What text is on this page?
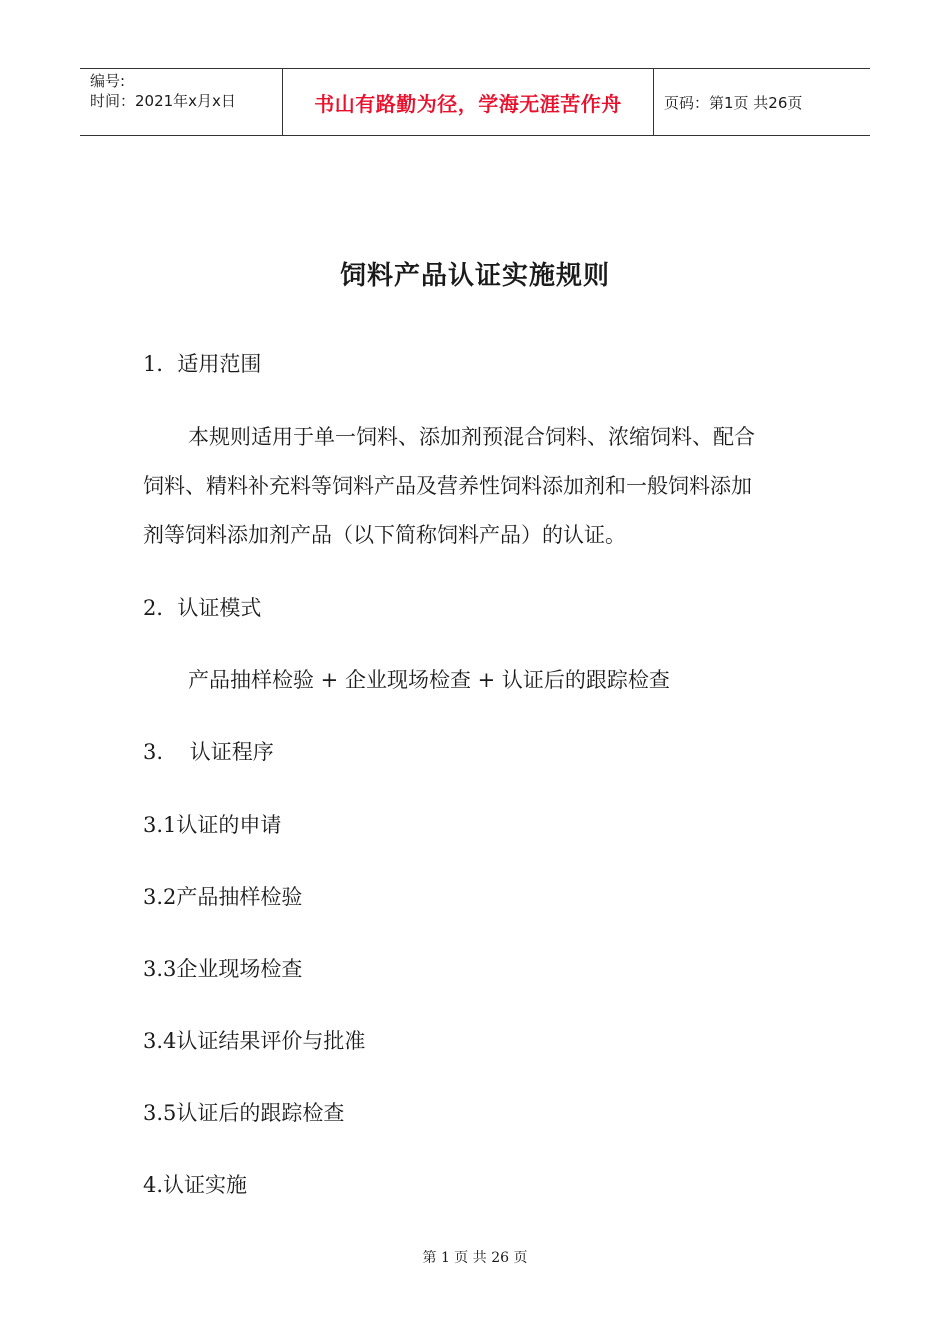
编号:
时间：2021年x月x日	书山有路勤为径，学海无涯苦作舟	页码：第1页 共26页
饲料产品认证实施规则
1．适用范围
本规则适用于单一饲料、添加剂预混合饲料、浓缩饲料、配合
饲料、精料补充料等饲料产品及营养性饲料添加剂和一般饲料添加
剂等饲料添加剂产品（以下简称饲料产品）的认证。
2．认证模式
产品抽样检验 + 企业现场检查 + 认证后的跟踪检查
3.    认证程序
3.1认证的申请
3.2产品抽样检验
3.3企业现场检查
3.4认证结果评价与批准
3.5认证后的跟踪检查
4.认证实施
第 1 页 共 26 页
